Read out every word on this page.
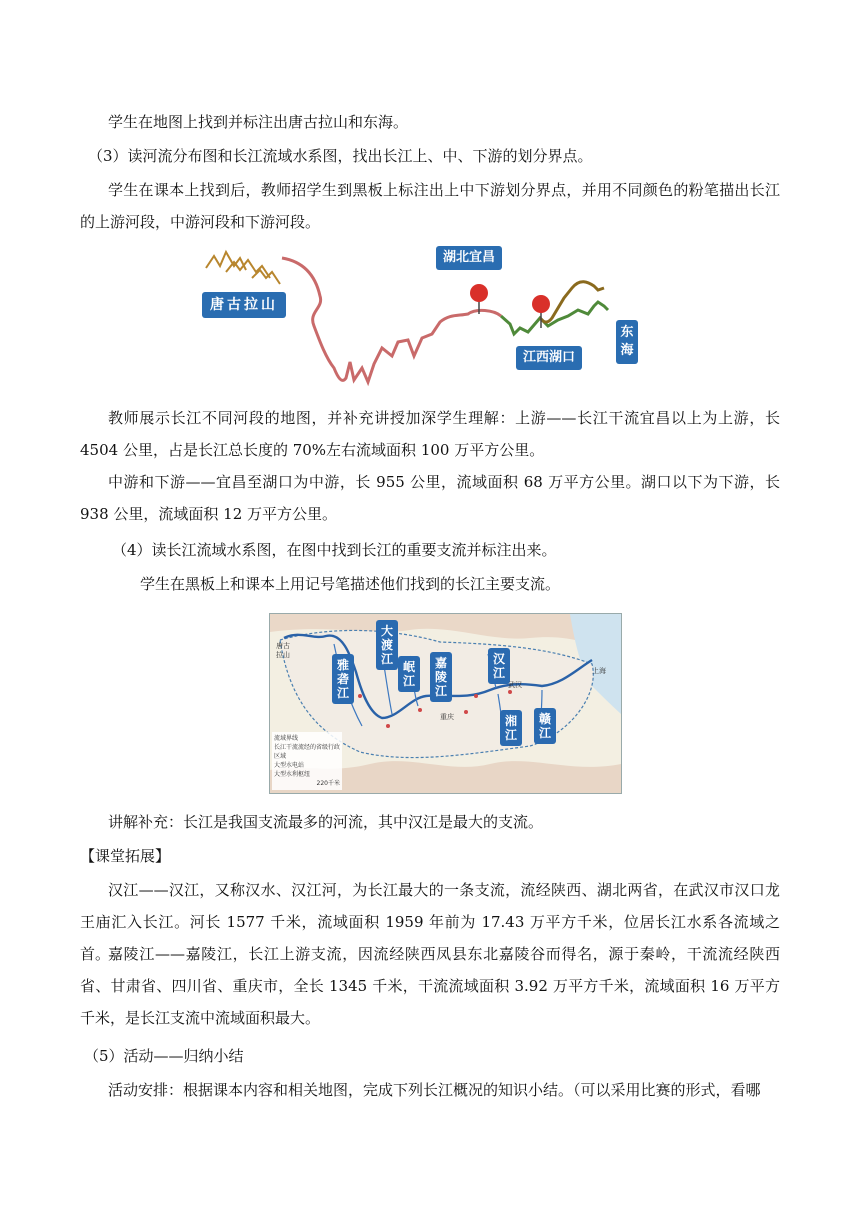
学生在地图上找到并标注出唐古拉山和东海。
（3）读河流分布图和长江流域水系图，找出长江上、中、下游的划分界点。
学生在课本上找到后，教师招学生到黑板上标注出上中下游划分界点，并用不同颜色的粉笔描出长江的上游河段，中游河段和下游河段。
唐古拉山
湖北宜昌
江西湖口
东海
教师展示长江不同河段的地图，并补充讲授加深学生理解：上游——长江干流宜昌以上为上游，长 4504 公里，占是长江总长度的 70%左右流域面积 100 万平方公里。
中游和下游——宜昌至湖口为中游，长 955 公里，流域面积 68 万平方公里。湖口以下为下游，长 938 公里，流域面积 12 万平方公里。
（4）读长江流域水系图，在图中找到长江的重要支流并标注出来。
学生在黑板上和课本上用记号笔描述他们找到的长江主要支流。
大渡江
雅砻江
岷江
嘉陵江
汉江
湘江
赣江
唐古拉山
重庆
武汉
上海
流域界线
长江干流流经的省级行政区域
大型水电站
大型水利枢纽
220千米
讲解补充：长江是我国支流最多的河流，其中汉江是最大的支流。
【课堂拓展】
汉江——汉江，又称汉水、汉江河，为长江最大的一条支流，流经陕西、湖北两省，在武汉市汉口龙王庙汇入长江。河长 1577 千米，流域面积 1959 年前为 17.43 万平方千米，位居长江水系各流域之首。
嘉陵江——嘉陵江，长江上游支流，因流经陕西凤县东北嘉陵谷而得名，源于秦岭，干流流经陕西省、甘肃省、四川省、重庆市，全长 1345 千米，干流流域面积 3.92 万平方千米，流域面积 16 万平方千米，是长江支流中流域面积最大。
（5）活动——归纳小结
活动安排：根据课本内容和相关地图，完成下列长江概况的知识小结。（可以采用比赛的形式，看哪
